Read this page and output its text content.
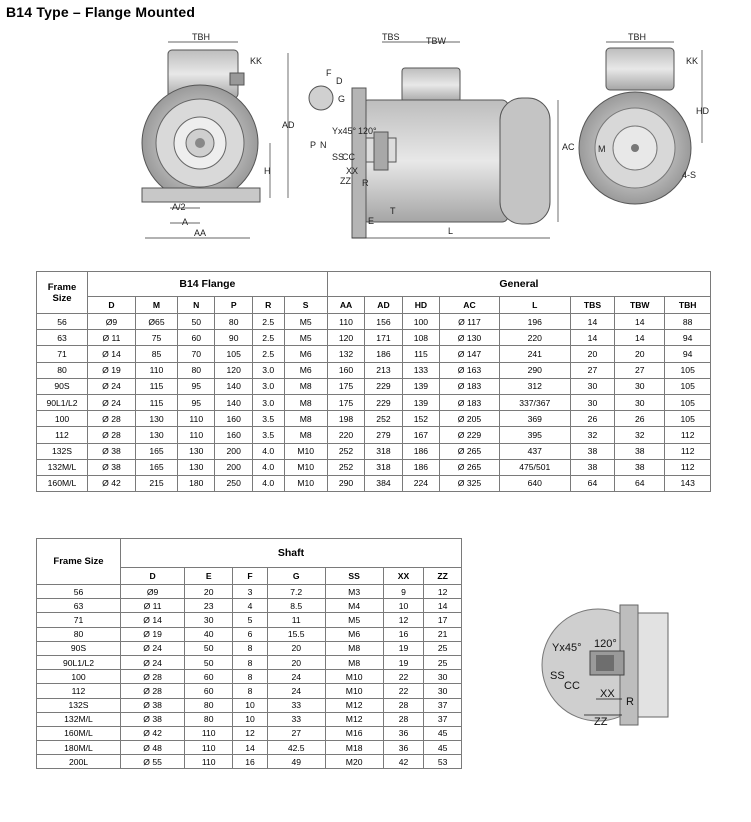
B14 Type – Flange Mounted
TBH
KK
AD
H
A/2
A
AA
TBS	TBW
F
D
G
Yx45° 120°
SS
CC
P N
XX
ZZ R
T
E
L
AC
TBH
KK
HD
M
4-S
Frame Size	B14 Flange						General							
	D	M	N	P	R	S	AA	AD	HD	AC	L	TBS	TBW	TBH
56	Ø9	Ø65	50	80	2.5	M5	110	156	100	Ø 117	196	14	14	88
63	Ø 11	75	60	90	2.5	M5	120	171	108	Ø 130	220	14	14	94
71	Ø 14	85	70	105	2.5	M6	132	186	115	Ø 147	241	20	20	94
80	Ø 19	110	80	120	3.0	M6	160	213	133	Ø 163	290	27	27	105
90S	Ø 24	115	95	140	3.0	M8	175	229	139	Ø 183	312	30	30	105
90L1/L2	Ø 24	115	95	140	3.0	M8	175	229	139	Ø 183	337/367	30	30	105
100	Ø 28	130	110	160	3.5	M8	198	252	152	Ø 205	369	26	26	105
112	Ø 28	130	110	160	3.5	M8	220	279	167	Ø 229	395	32	32	112
132S	Ø 38	165	130	200	4.0	M10	252	318	186	Ø 265	437	38	38	112
132M/L	Ø 38	165	130	200	4.0	M10	252	318	186	Ø 265	475/501	38	38	112
160M/L	Ø 42	215	180	250	4.0	M10	290	384	224	Ø 325	640	64	64	143
Frame Size	Shaft						
	D	E	F	G	SS	XX	ZZ
56	Ø9	20	3	7.2	M3	9	12
63	Ø 11	23	4	8.5	M4	10	14
71	Ø 14	30	5	11	M5	12	17
80	Ø 19	40	6	15.5	M6	16	21
90S	Ø 24	50	8	20	M8	19	25
90L1/L2	Ø 24	50	8	20	M8	19	25
100	Ø 28	60	8	24	M10	22	30
112	Ø 28	60	8	24	M10	22	30
132S	Ø 38	80	10	33	M12	28	37
132M/L	Ø 38	80	10	33	M12	28	37
160M/L	Ø 42	110	12	27	M16	36	45
180M/L	Ø 48	110	14	42.5	M18	36	45
200L	Ø 55	110	16	49	M20	42	53
Yx45° 120°
SS
CC
XX
R
ZZ
